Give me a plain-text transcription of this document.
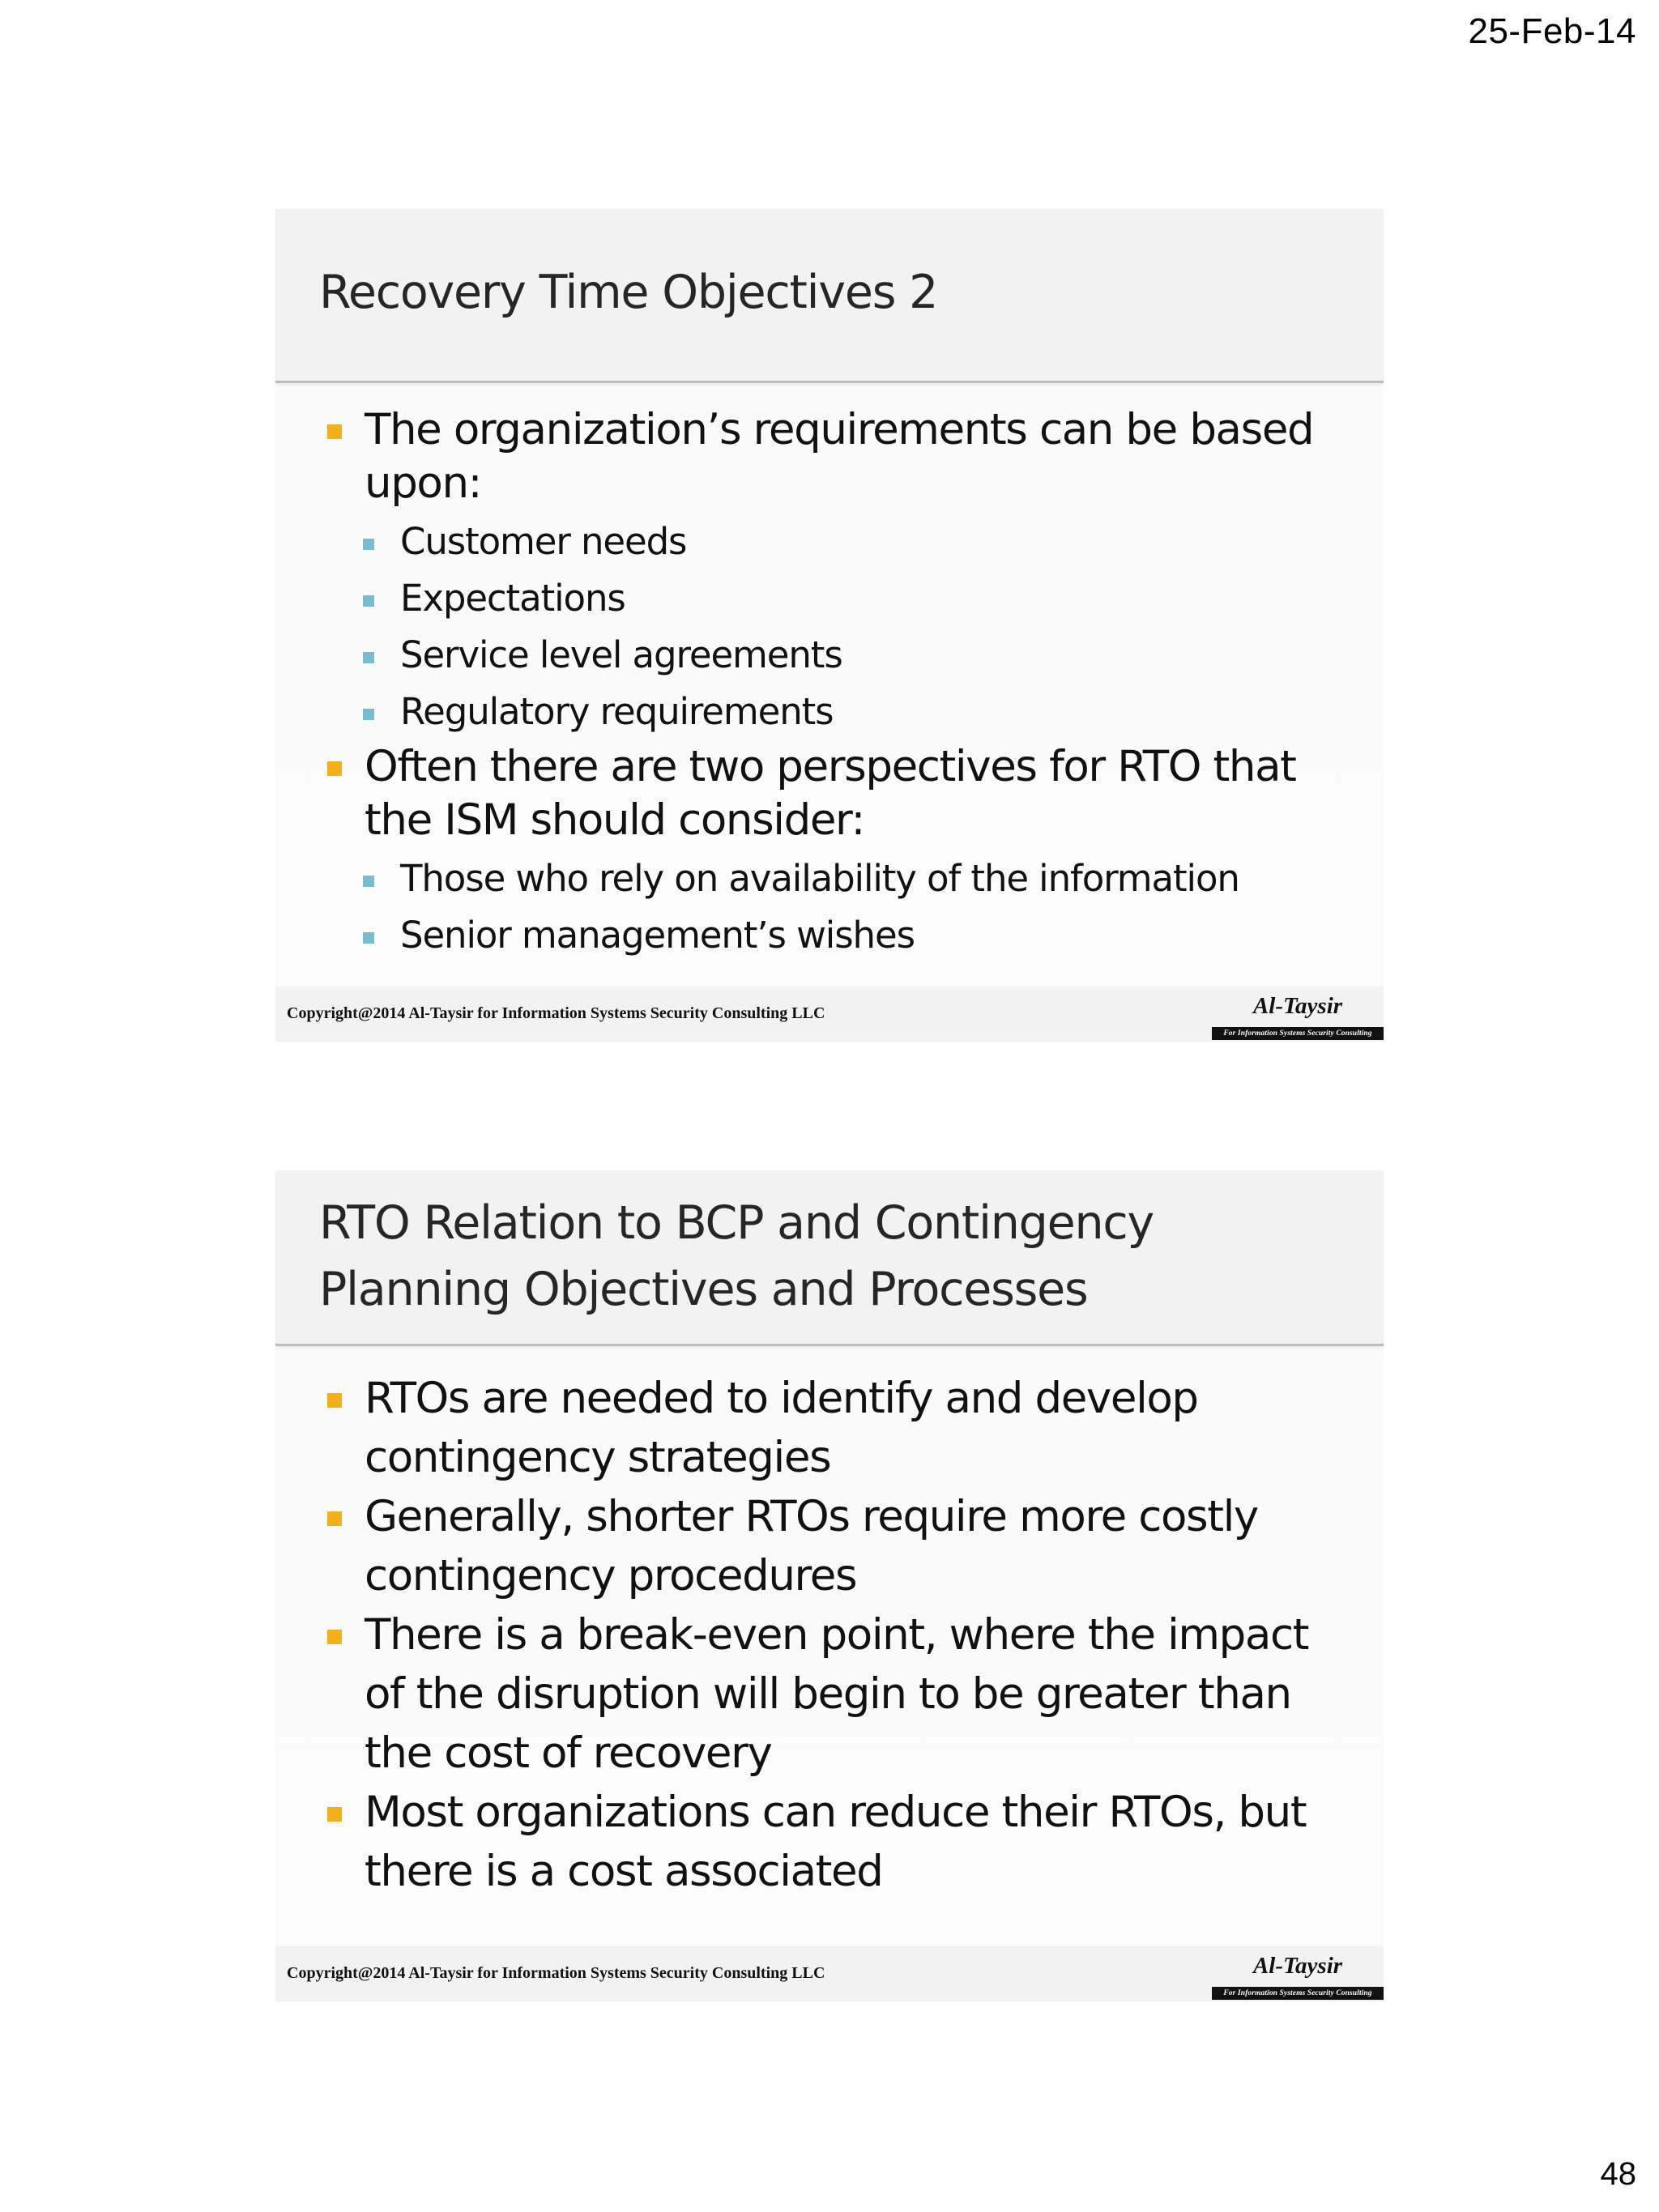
25-Feb-14
Recovery Time Objectives 2
The organization’s requirements can be based upon:
Customer needs
Expectations
Service level agreements
Regulatory requirements
Often there are two perspectives for RTO that the ISM should consider:
Those who rely on availability of the information
Senior management’s wishes
Copyright@2014 Al-Taysir for Information Systems Security Consulting LLC	Al-Taysir
For Information Systems Security Consulting
RTO Relation to BCP and Contingency Planning Objectives and Processes
RTOs are needed to identify and develop contingency strategies
Generally, shorter RTOs require more costly contingency procedures
There is a break-even point, where the impact of the disruption will begin to be greater than the cost of recovery
Most organizations can reduce their RTOs, but there is a cost associated
Copyright@2014 Al-Taysir for Information Systems Security Consulting LLC	Al-Taysir
For Information Systems Security Consulting
48
